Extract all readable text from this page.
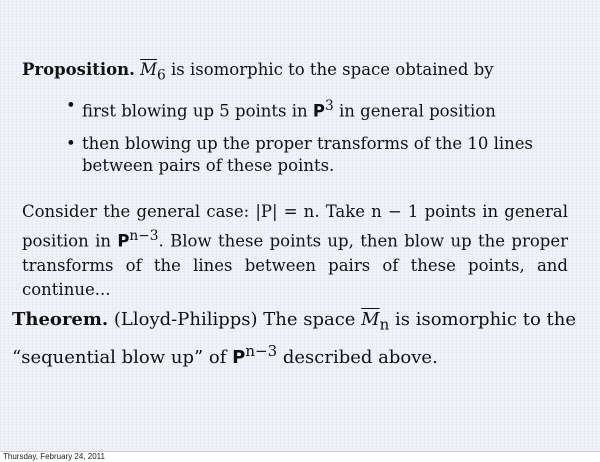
Proposition. $\overline{M}_6$ is isomorphic to the space obtained by
• first blowing up 5 points in $P^3$ in general position
• then blowing up the proper transforms of the 10 lines between pairs of these points.
Consider the general case: |P| = n. Take n − 1 points in general position in $P^{n-3}$. Blow these points up, then blow up the proper transforms of the lines between pairs of these points, and continue...
Theorem. (Lloyd-Philipps) The space $\overline{M}_n$ is isomorphic to the “sequential blow up” of $P^{n-3}$ described above.
Thursday, February 24, 2011
